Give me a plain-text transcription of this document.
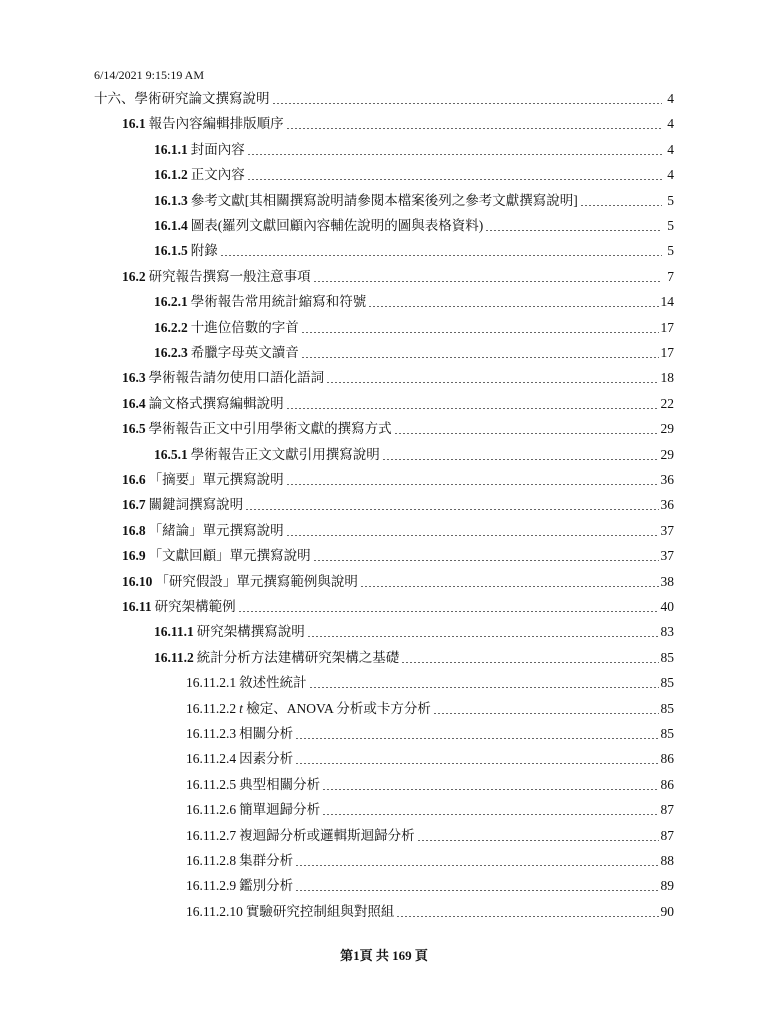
6/14/2021 9:15:19 AM
十六、學術研究論文撰寫說明	4
16.1 報告內容編輯排版順序	4
16.1.1 封面內容	4
16.1.2 正文內容	4
16.1.3 參考文獻[其相關撰寫說明請參閱本檔案後列之參考文獻撰寫說明]	5
16.1.4 圖表(羅列文獻回顧內容輔佐說明的圖與表格資料)	5
16.1.5 附錄	5
16.2 研究報告撰寫一般注意事項	7
16.2.1 學術報告常用統計縮寫和符號	14
16.2.2 十進位倍數的字首	17
16.2.3 希臘字母英文讀音	17
16.3 學術報告請勿使用口語化語詞	18
16.4 論文格式撰寫編輯說明	22
16.5 學術報告正文中引用學術文獻的撰寫方式	29
16.5.1 學術報告正文文獻引用撰寫說明	29
16.6 「摘要」單元撰寫說明	36
16.7 關鍵詞撰寫說明	36
16.8 「緒論」單元撰寫說明	37
16.9 「文獻回顧」單元撰寫說明	37
16.10 「研究假設」單元撰寫範例與說明	38
16.11 研究架構範例	40
16.11.1 研究架構撰寫說明	83
16.11.2 統計分析方法建構研究架構之基礎	85
16.11.2.1 敘述性統計	85
16.11.2.2 t 檢定、ANOVA 分析或卡方分析	85
16.11.2.3 相關分析	85
16.11.2.4 因素分析	86
16.11.2.5 典型相關分析	86
16.11.2.6 簡單迴歸分析	87
16.11.2.7 複迴歸分析或邏輯斯迴歸分析	87
16.11.2.8 集群分析	88
16.11.2.9 鑑別分析	89
16.11.2.10 實驗研究控制組與對照組	90
第1頁 共 169 頁
